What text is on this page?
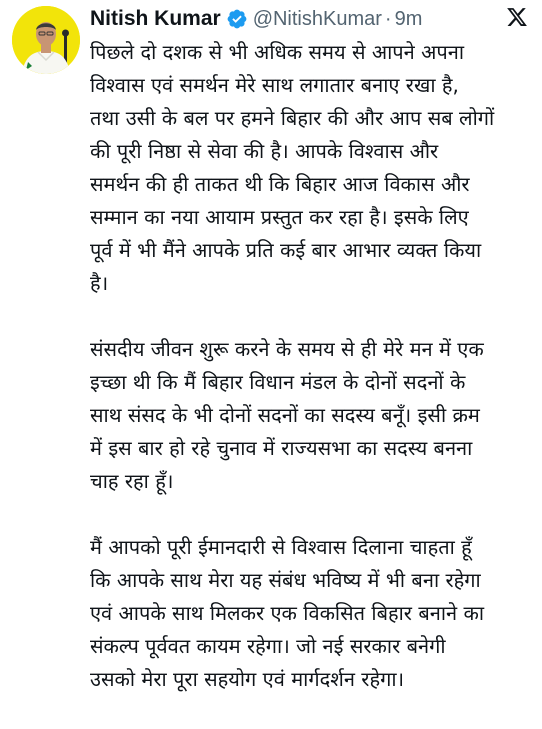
Nitish Kumar @NitishKumar · 9m

पिछले दो दशक से भी अधिक समय से आपने अपना
विश्वास एवं समर्थन मेरे साथ लगातार बनाए रखा है,
तथा उसी के बल पर हमने बिहार की और आप सब लोगों
की पूरी निष्ठा से सेवा की है। आपके विश्वास और
समर्थन की ही ताकत थी कि बिहार आज विकास और
सम्मान का नया आयाम प्रस्तुत कर रहा है। इसके लिए
पूर्व में भी मैंने आपके प्रति कई बार आभार व्यक्त किया
है।

संसदीय जीवन शुरू करने के समय से ही मेरे मन में एक
इच्छा थी कि मैं बिहार विधान मंडल के दोनों सदनों के
साथ संसद के भी दोनों सदनों का सदस्य बनूँ। इसी क्रम
में इस बार हो रहे चुनाव में राज्यसभा का सदस्य बनना
चाह रहा हूँ।

मैं आपको पूरी ईमानदारी से विश्वास दिलाना चाहता हूँ
कि आपके साथ मेरा यह संबंध भविष्य में भी बना रहेगा
एवं आपके साथ मिलकर एक विकसित बिहार बनाने का
संकल्प पूर्ववत कायम रहेगा। जो नई सरकार बनेगी
उसको मेरा पूरा सहयोग एवं मार्गदर्शन रहेगा।
